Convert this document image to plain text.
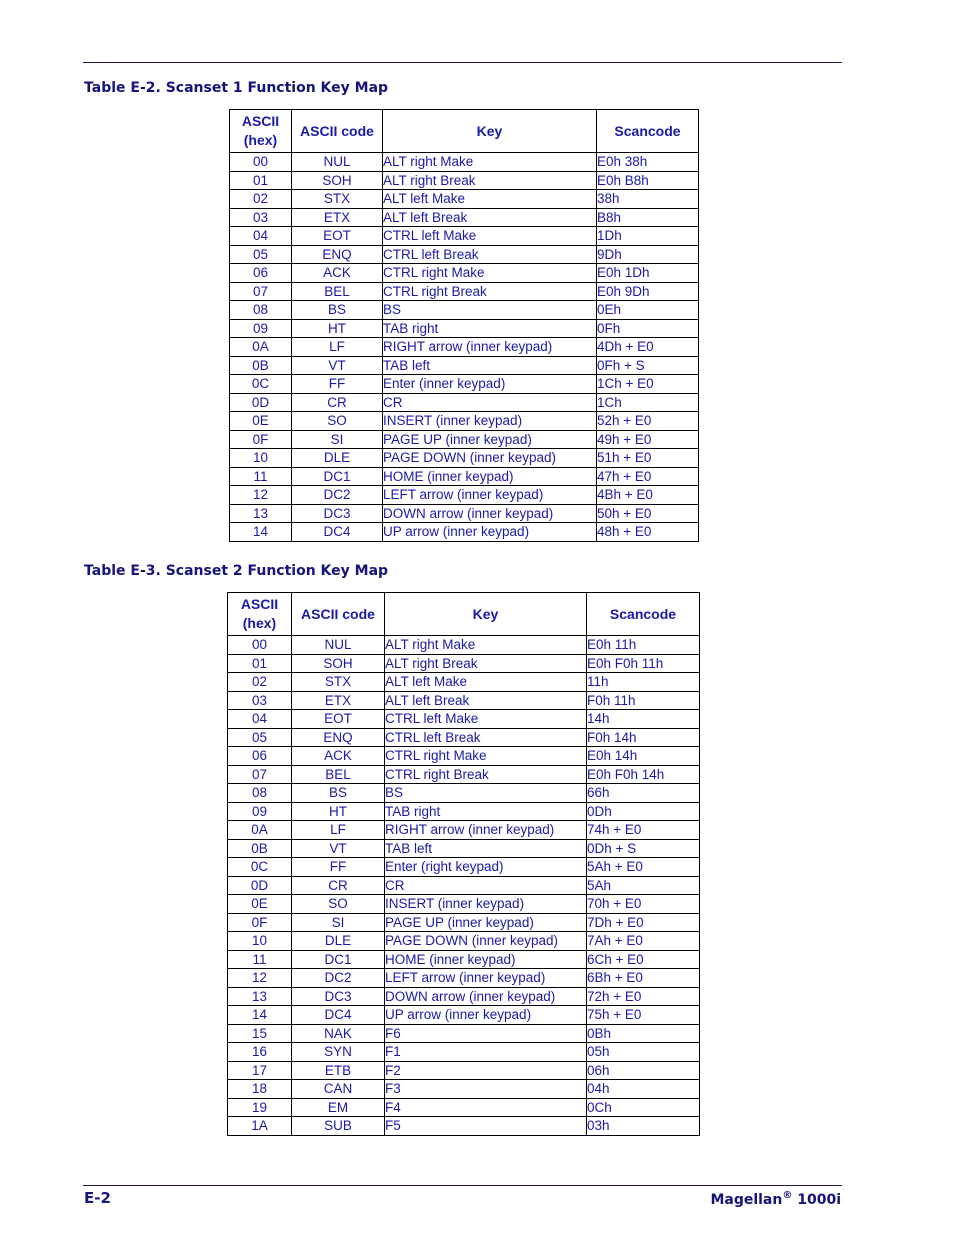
Table E-2. Scanset 1 Function Key Map
ASCII (hex)	ASCII code	Key	Scancode
00	NUL	ALT right Make	E0h 38h
01	SOH	ALT right Break	E0h B8h
02	STX	ALT left Make	38h
03	ETX	ALT left Break	B8h
04	EOT	CTRL left Make	1Dh
05	ENQ	CTRL left Break	9Dh
06	ACK	CTRL right Make	E0h 1Dh
07	BEL	CTRL right Break	E0h 9Dh
08	BS	BS	0Eh
09	HT	TAB right	0Fh
0A	LF	RIGHT arrow (inner keypad)	4Dh + E0
0B	VT	TAB left	0Fh + S
0C	FF	Enter (inner keypad)	1Ch + E0
0D	CR	CR	1Ch
0E	SO	INSERT (inner keypad)	52h + E0
0F	SI	PAGE UP (inner keypad)	49h + E0
10	DLE	PAGE DOWN (inner keypad)	51h + E0
11	DC1	HOME (inner keypad)	47h + E0
12	DC2	LEFT arrow (inner keypad)	4Bh + E0
13	DC3	DOWN arrow (inner keypad)	50h + E0
14	DC4	UP arrow (inner keypad)	48h + E0
Table E-3. Scanset 2 Function Key Map
ASCII (hex)	ASCII code	Key	Scancode
00	NUL	ALT right Make	E0h 11h
01	SOH	ALT right Break	E0h F0h 11h
02	STX	ALT left Make	11h
03	ETX	ALT left Break	F0h 11h
04	EOT	CTRL left Make	14h
05	ENQ	CTRL left Break	F0h 14h
06	ACK	CTRL right Make	E0h 14h
07	BEL	CTRL right Break	E0h F0h 14h
08	BS	BS	66h
09	HT	TAB right	0Dh
0A	LF	RIGHT arrow (inner keypad)	74h + E0
0B	VT	TAB left	0Dh + S
0C	FF	Enter (right keypad)	5Ah + E0
0D	CR	CR	5Ah
0E	SO	INSERT (inner keypad)	70h + E0
0F	SI	PAGE UP (inner keypad)	7Dh + E0
10	DLE	PAGE DOWN (inner keypad)	7Ah + E0
11	DC1	HOME (inner keypad)	6Ch + E0
12	DC2	LEFT arrow (inner keypad)	6Bh + E0
13	DC3	DOWN arrow (inner keypad)	72h + E0
14	DC4	UP arrow (inner keypad)	75h + E0
15	NAK	F6	0Bh
16	SYN	F1	05h
17	ETB	F2	06h
18	CAN	F3	04h
19	EM	F4	0Ch
1A	SUB	F5	03h
E-2	Magellan® 1000i
